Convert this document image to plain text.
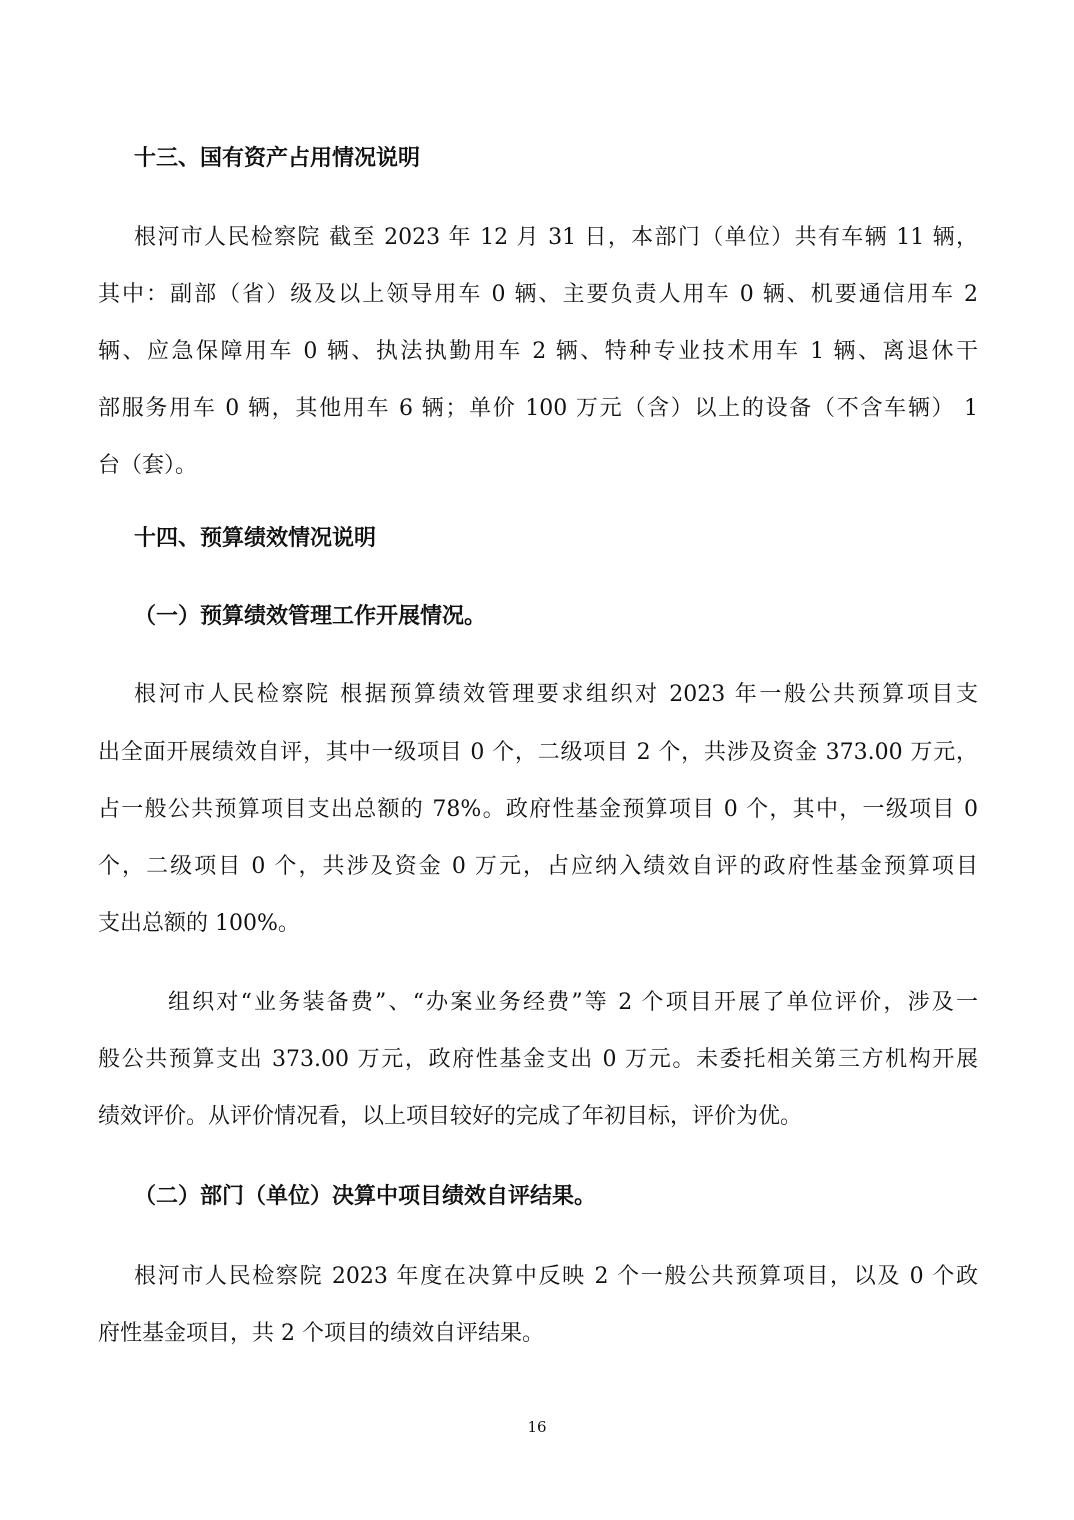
十三、国有资产占用情况说明
根河市人民检察院 截至 2023 年 12 月 31 日，本部门（单位）共有车辆 11 辆，
其中：副部（省）级及以上领导用车 0 辆、主要负责人用车 0 辆、机要通信用车 2
辆、应急保障用车 0 辆、执法执勤用车 2 辆、特种专业技术用车 1 辆、离退休干
部服务用车 0 辆，其他用车 6 辆；单价 100 万元（含）以上的设备（不含车辆） 1
台（套）。
十四、预算绩效情况说明
（一）预算绩效管理工作开展情况。
根河市人民检察院 根据预算绩效管理要求组织对 2023 年一般公共预算项目支
出全面开展绩效自评，其中一级项目 0 个，二级项目 2 个，共涉及资金 373.00 万元，
占一般公共预算项目支出总额的 78%。政府性基金预算项目 0 个，其中，一级项目 0
个，二级项目 0 个，共涉及资金 0 万元，占应纳入绩效自评的政府性基金预算项目
支出总额的 100%。
组织对“业务装备费”、“办案业务经费”等 2 个项目开展了单位评价，涉及一
般公共预算支出 373.00 万元，政府性基金支出 0 万元。未委托相关第三方机构开展
绩效评价。从评价情况看，以上项目较好的完成了年初目标，评价为优。
（二）部门（单位）决算中项目绩效自评结果。
根河市人民检察院 2023 年度在决算中反映 2 个一般公共预算项目，以及 0 个政
府性基金项目，共 2 个项目的绩效自评结果。
16
